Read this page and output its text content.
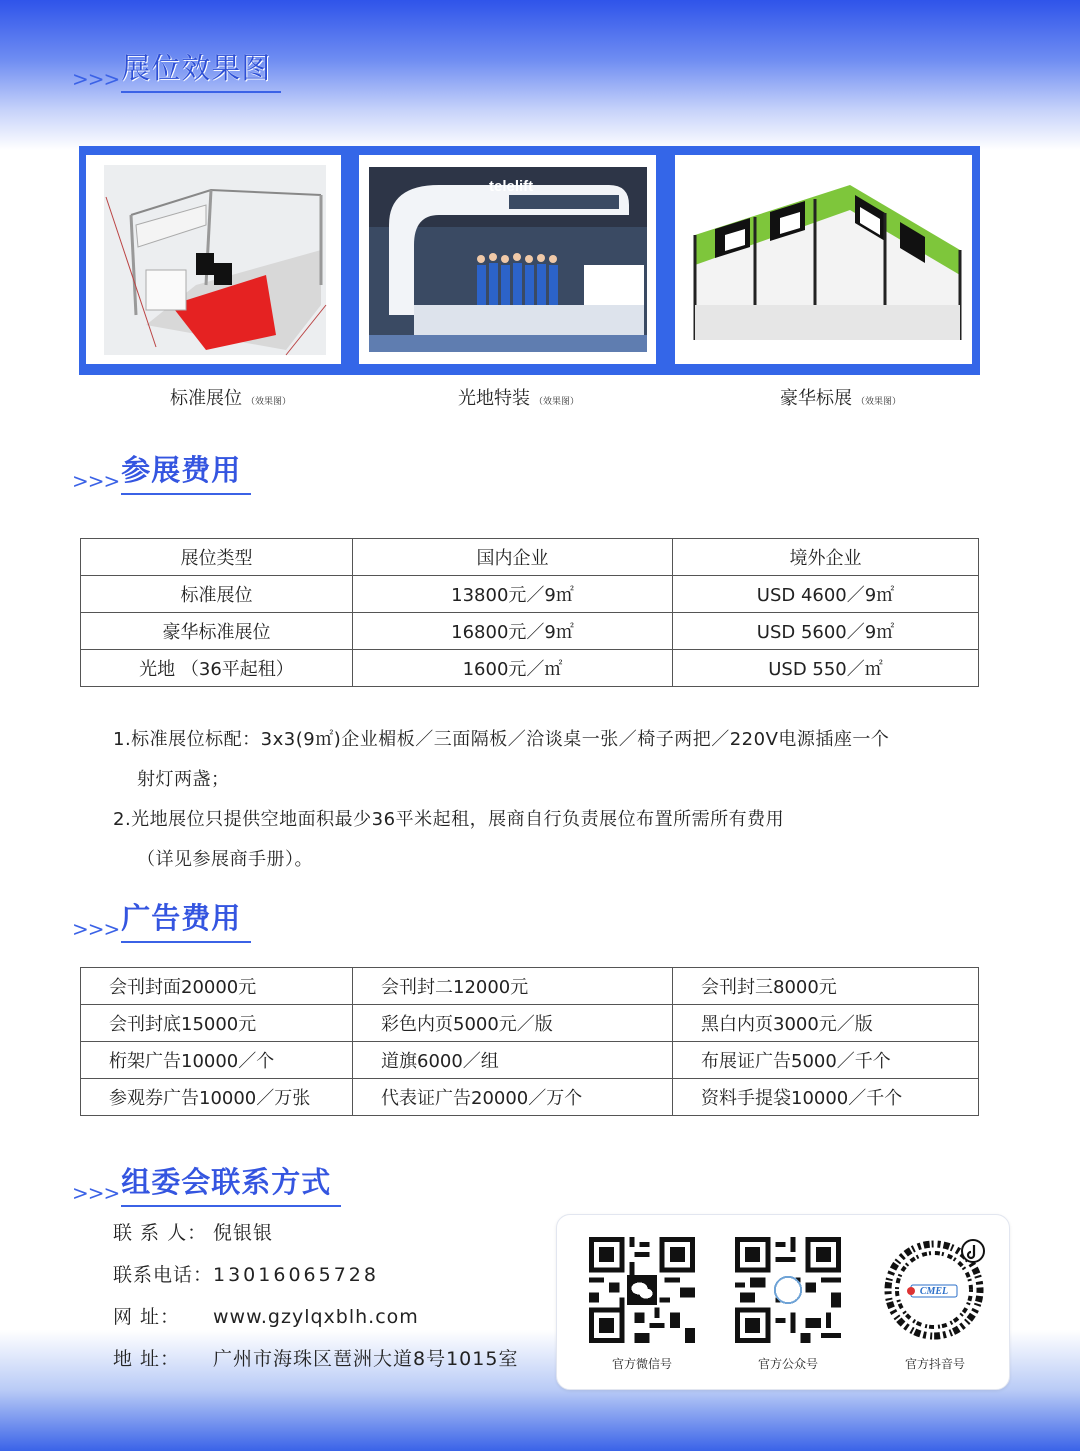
>>> 展位效果图
telelift
标准展位 （效果图）	光地特装 （效果图）	豪华标展 （效果图）
>>> 参展费用
展位类型	国内企业	境外企业
标准展位	13800元／9㎡	USD 4600／9㎡
豪华标准展位	16800元／9㎡	USD 5600／9㎡
光地 （36平起租）	1600元／㎡	USD 550／㎡
1.标准展位标配：3x3(9㎡)企业楣板／三面隔板／洽谈桌一张／椅子两把／220V电源插座一个
射灯两盏；
2.光地展位只提供空地面积最少36平米起租，展商自行负责展位布置所需所有费用
（详见参展商手册）。
>>> 广告费用
会刊封面20000元	会刊封二12000元	会刊封三8000元
会刊封底15000元	彩色内页5000元／版	黑白内页3000元／版
桁架广告10000／个	道旗6000／组	布展证广告5000／千个
参观券广告10000／万张	代表证广告20000／万个	资料手提袋10000／千个
>>> 组委会联系方式
联 系 人： 倪银银
联系电话：13016065728
网 址： www.gzylqxblh.com
地 址： 广州市海珠区琶洲大道8号1015室	官方微信号	官方公众号
CMEL
官方抖音号
